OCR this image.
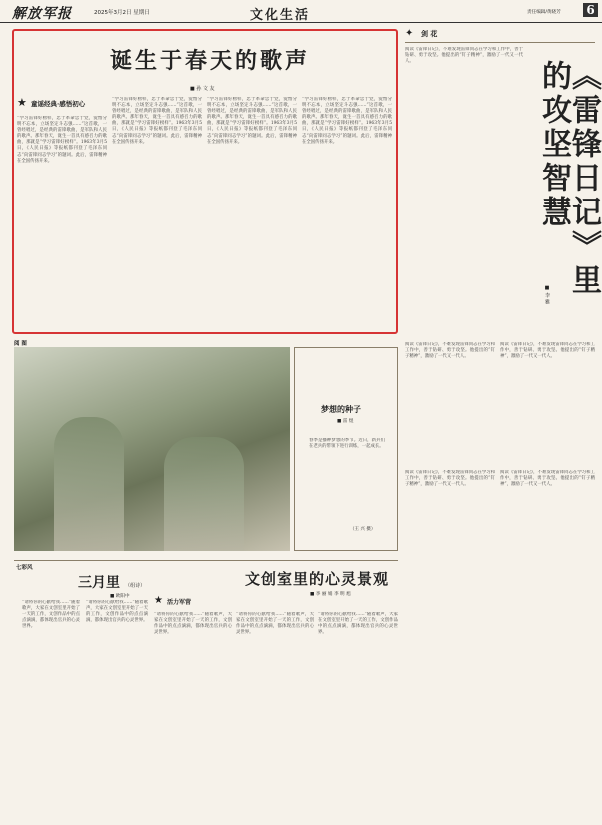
解放军报	2025年3月2日 星期日	文化生活	责任编辑/黄晓芳 6
诞生于春天的歌声
■ 孙 文 友
★ 童谣经典·感悟初心
“学习雷锋好榜样，忠于革命忠于党，爱憎分明不忘本，立场坚定斗志强……”这首歌，一曾经唱过，是经典的雷锋歌曲，是军队和人民的歌声。那年春天，诞生一首具有感召力的歌曲，那就是“学习雷锋好榜样”。1963年3月5日，《人民日报》等报纸都刊登了毛泽东同志“向雷锋同志学习”的题词。此后，雷锋精神在全国传扬开来。
“学习雷锋好榜样，忠于革命忠于党，爱憎分明不忘本，立场坚定斗志强……”这首歌，一曾经唱过，是经典的雷锋歌曲，是军队和人民的歌声。那年春天，诞生一首具有感召力的歌曲，那就是“学习雷锋好榜样”。1963年3月5日，《人民日报》等报纸都刊登了毛泽东同志“向雷锋同志学习”的题词。此后，雷锋精神在全国传扬开来。
“学习雷锋好榜样，忠于革命忠于党，爱憎分明不忘本，立场坚定斗志强……”这首歌，一曾经唱过，是经典的雷锋歌曲，是军队和人民的歌声。那年春天，诞生一首具有感召力的歌曲，那就是“学习雷锋好榜样”。1963年3月5日，《人民日报》等报纸都刊登了毛泽东同志“向雷锋同志学习”的题词。此后，雷锋精神在全国传扬开来。
“学习雷锋好榜样，忠于革命忠于党，爱憎分明不忘本，立场坚定斗志强……”这首歌，一曾经唱过，是经典的雷锋歌曲，是军队和人民的歌声。那年春天，诞生一首具有感召力的歌曲，那就是“学习雷锋好榜样”。1963年3月5日，《人民日报》等报纸都刊登了毛泽东同志“向雷锋同志学习”的题词。此后，雷锋精神在全国传扬开来。
✦ 剑 花
阅读《雷锋日记》，不难发现雷锋同志在学习和工作中，善于钻研、勇于攻坚。他提出的“钉子精神”，激励了一代又一代人。	《雷锋日记》里的攻坚智慧
■ 李 雅
阅读《雷锋日记》，不难发现雷锋同志在学习和工作中，善于钻研、勇于攻坚。他提出的“钉子精神”，激励了一代又一代人。
阅读《雷锋日记》，不难发现雷锋同志在学习和工作中，善于钻研、勇于攻坚。他提出的“钉子精神”，激励了一代又一代人。
阅读《雷锋日记》，不难发现雷锋同志在学习和工作中，善于钻研、勇于攻坚。他提出的“钉子精神”，激励了一代又一代人。
阅读《雷锋日记》，不难发现雷锋同志在学习和工作中，善于钻研、勇于攻坚。他提出的“钉子精神”，激励了一代又一代人。
阅 图
梦想的种子
■ 雷 煜
春季是播种梦想的季节。近日，新兵们在老兵的带领下进行训练，一起成长。
（王 兴 摄）
七彩风
三月里 （组诗）
■ 欧阳中
“请将你的心献给我……”随着歌声，大家在文创室里开始了一天的工作，文创作品中的点点滴滴，都体现出官兵的心灵世界。
“请将你的心献给我……”随着歌声，大家在文创室里开始了一天的工作，文创作品中的点点滴滴，都体现出官兵的心灵世界。
文创室里的心灵景观
■ 李 丽 娟 李 明 旭
★ 活力军营
“请将你的心献给我……”随着歌声，大家在文创室里开始了一天的工作，文创作品中的点点滴滴，都体现出官兵的心灵世界。
“请将你的心献给我……”随着歌声，大家在文创室里开始了一天的工作，文创作品中的点点滴滴，都体现出官兵的心灵世界。
“请将你的心献给我……”随着歌声，大家在文创室里开始了一天的工作，文创作品中的点点滴滴，都体现出官兵的心灵世界。
